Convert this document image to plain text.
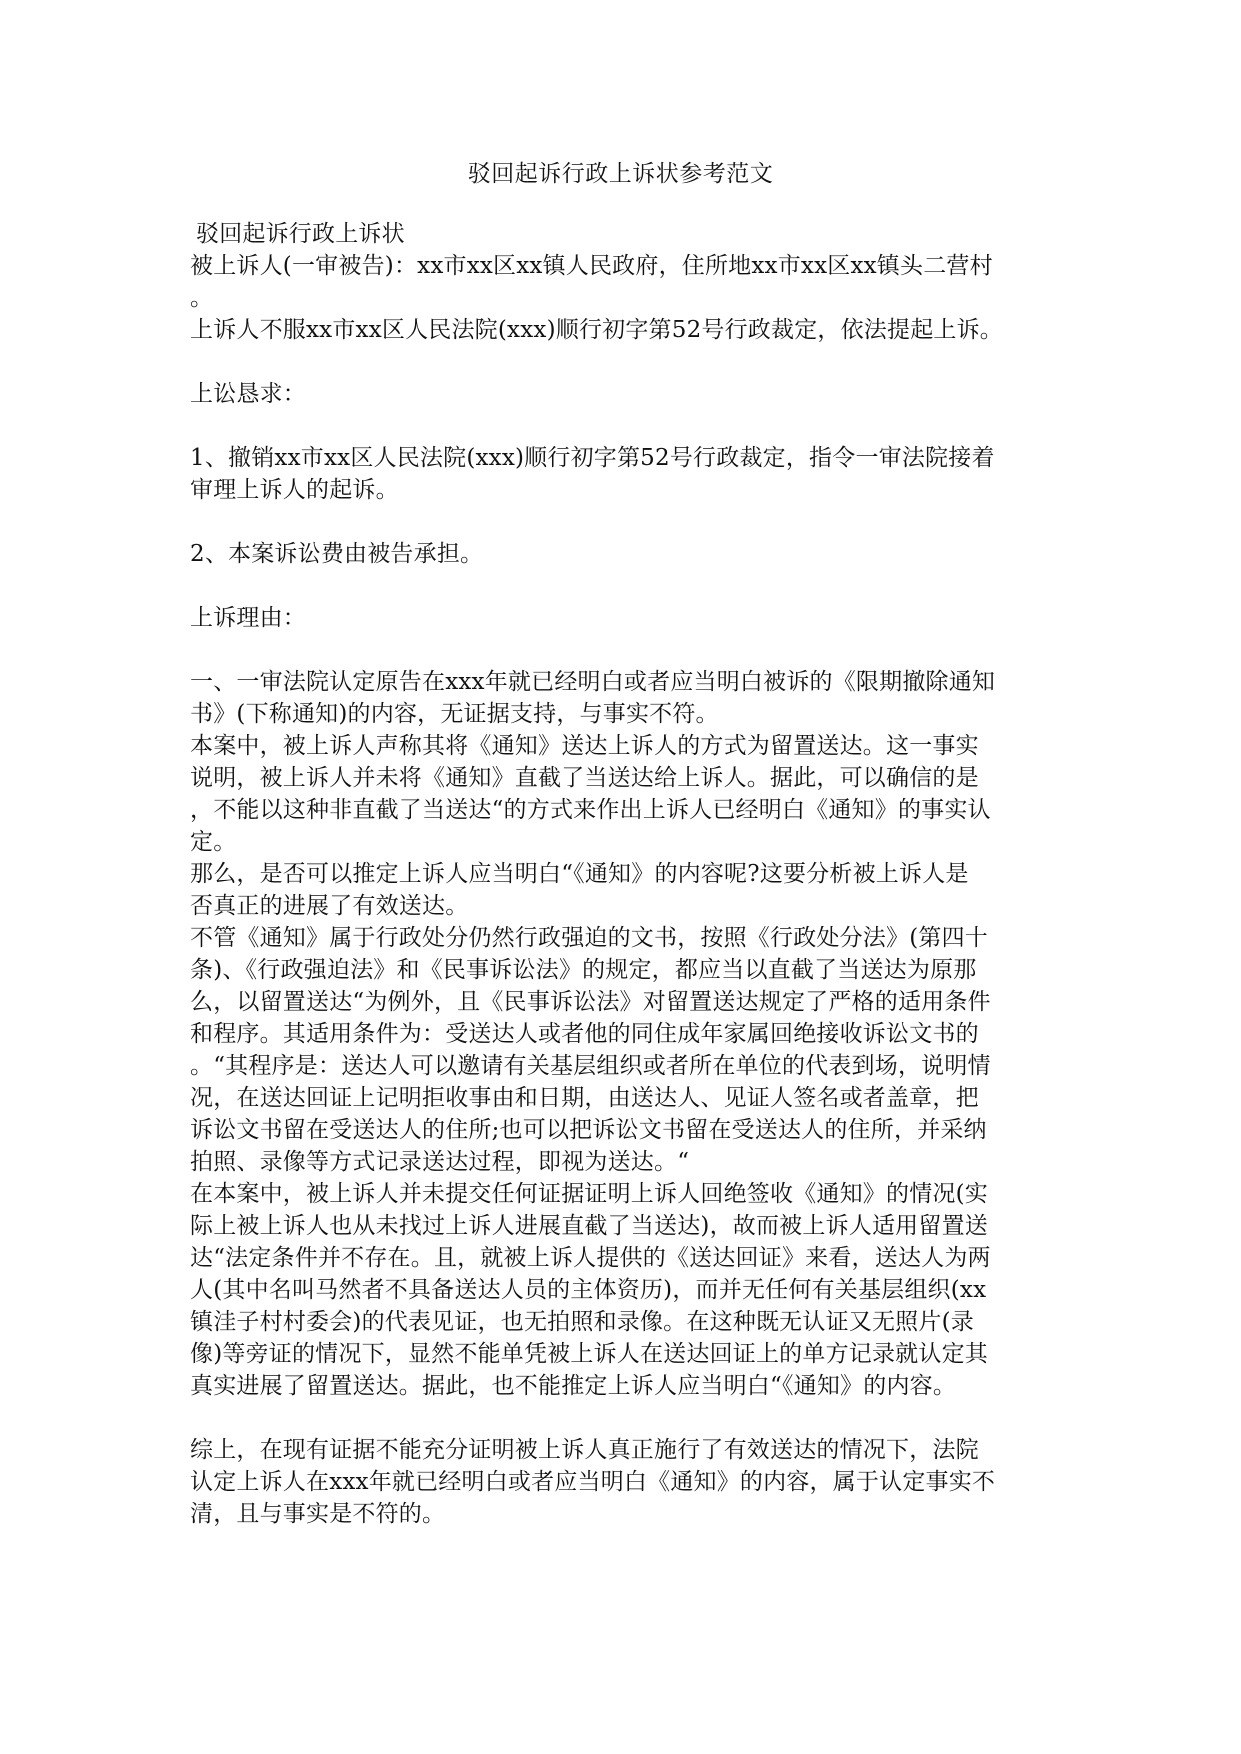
驳回起诉行政上诉状参考范文
驳回起诉行政上诉状
被上诉人(一审被告)：xx市xx区xx镇人民政府，住所地xx市xx区xx镇头二营村
。
上诉人不服xx市xx区人民法院(xxx)顺行初字第52号行政裁定，依法提起上诉。
上讼恳求：
1、撤销xx市xx区人民法院(xxx)顺行初字第52号行政裁定，指令一审法院接着
审理上诉人的起诉。
2、本案诉讼费由被告承担。
上诉理由：
一、一审法院认定原告在xxx年就已经明白或者应当明白被诉的《限期撤除通知
书》(下称通知)的内容，无证据支持，与事实不符。
本案中，被上诉人声称其将《通知》送达上诉人的方式为留置送达。这一事实
说明，被上诉人并未将《通知》直截了当送达给上诉人。据此，可以确信的是
，不能以这种非直截了当送达“的方式来作出上诉人已经明白《通知》的事实认
定。
那么，是否可以推定上诉人应当明白“《通知》的内容呢?这要分析被上诉人是
否真正的进展了有效送达。
不管《通知》属于行政处分仍然行政强迫的文书，按照《行政处分法》(第四十
条)、《行政强迫法》和《民事诉讼法》的规定，都应当以直截了当送达为原那
么，以留置送达“为例外，且《民事诉讼法》对留置送达规定了严格的适用条件
和程序。其适用条件为：受送达人或者他的同住成年家属回绝接收诉讼文书的
。“其程序是：送达人可以邀请有关基层组织或者所在单位的代表到场，说明情
况，在送达回证上记明拒收事由和日期，由送达人、见证人签名或者盖章，把
诉讼文书留在受送达人的住所;也可以把诉讼文书留在受送达人的住所，并采纳
拍照、录像等方式记录送达过程，即视为送达。“
在本案中，被上诉人并未提交任何证据证明上诉人回绝签收《通知》的情况(实
际上被上诉人也从未找过上诉人进展直截了当送达)，故而被上诉人适用留置送
达“法定条件并不存在。且，就被上诉人提供的《送达回证》来看，送达人为两
人(其中名叫马然者不具备送达人员的主体资历)，而并无任何有关基层组织(xx
镇洼子村村委会)的代表见证，也无拍照和录像。在这种既无认证又无照片(录
像)等旁证的情况下，显然不能单凭被上诉人在送达回证上的单方记录就认定其
真实进展了留置送达。据此，也不能推定上诉人应当明白“《通知》的内容。
综上，在现有证据不能充分证明被上诉人真正施行了有效送达的情况下，法院
认定上诉人在xxx年就已经明白或者应当明白《通知》的内容，属于认定事实不
清，且与事实是不符的。
